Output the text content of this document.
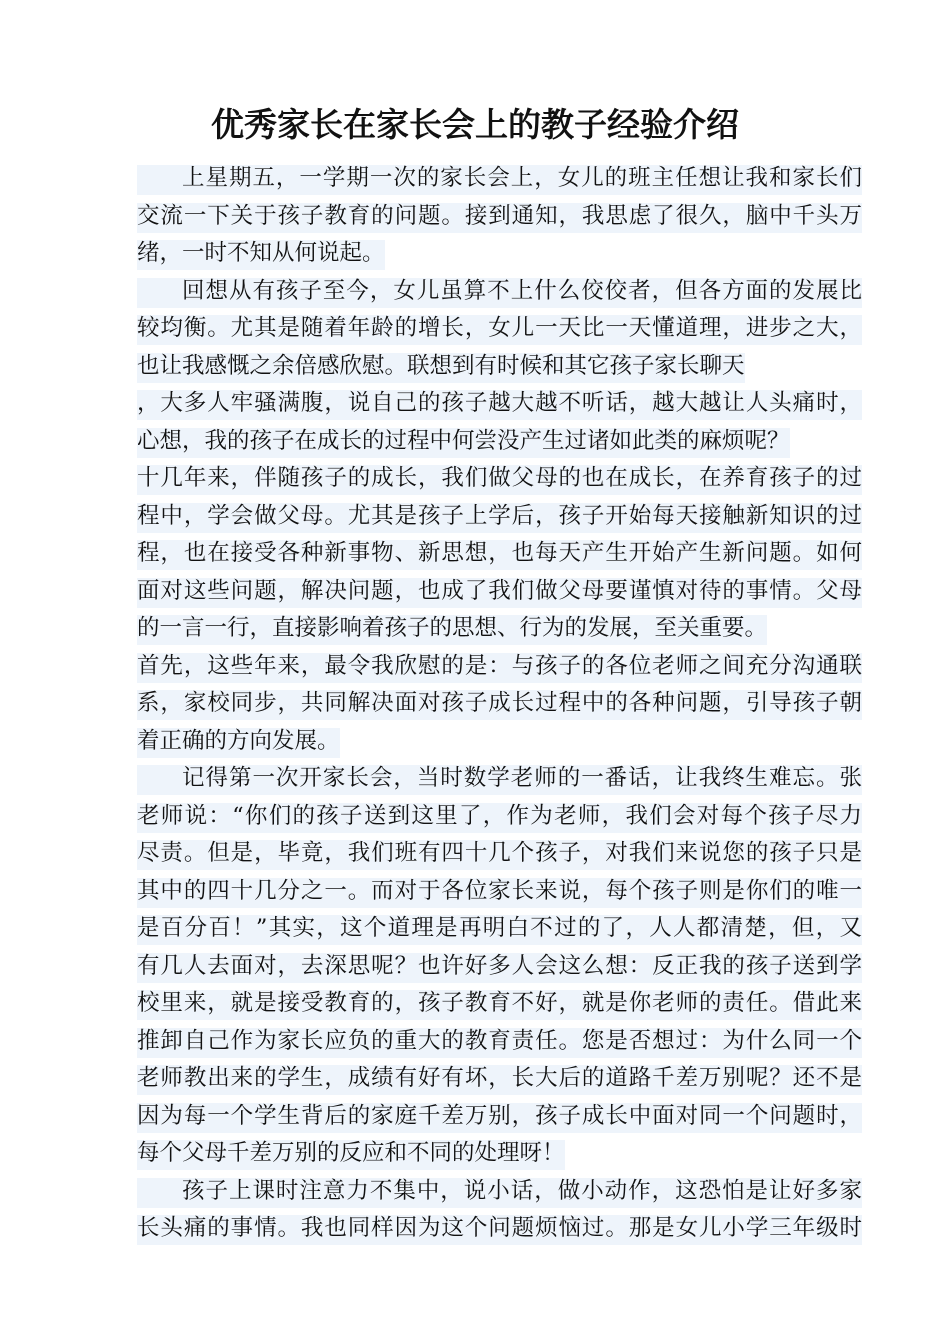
优秀家长在家长会上的教子经验介绍
上星期五，一学期一次的家长会上，女儿的班主任想让我和家长们
交流一下关于孩子教育的问题。接到通知，我思虑了很久，脑中千头万
绪，一时不知从何说起。
回想从有孩子至今，女儿虽算不上什么佼佼者，但各方面的发展比
较均衡。尤其是随着年龄的增长，女儿一天比一天懂道理，进步之大，
也让我感慨之余倍感欣慰。联想到有时候和其它孩子家长聊天
，大多人牢骚满腹，说自己的孩子越大越不听话，越大越让人头痛时，
心想，我的孩子在成长的过程中何尝没产生过诸如此类的麻烦呢？
十几年来，伴随孩子的成长，我们做父母的也在成长，在养育孩子的过
程中，学会做父母。尤其是孩子上学后，孩子开始每天接触新知识的过
程，也在接受各种新事物、新思想，也每天产生开始产生新问题。如何
面对这些问题，解决问题，也成了我们做父母要谨慎对待的事情。父母
的一言一行，直接影响着孩子的思想、行为的发展，至关重要。
首先，这些年来，最令我欣慰的是：与孩子的各位老师之间充分沟通联
系，家校同步，共同解决面对孩子成长过程中的各种问题，引导孩子朝
着正确的方向发展。
记得第一次开家长会，当时数学老师的一番话，让我终生难忘。张
老师说：“你们的孩子送到这里了，作为老师，我们会对每个孩子尽力
尽责。但是，毕竟，我们班有四十几个孩子，对我们来说您的孩子只是
其中的四十几分之一。而对于各位家长来说，每个孩子则是你们的唯一
是百分百！”其实，这个道理是再明白不过的了，人人都清楚，但，又
有几人去面对，去深思呢？也许好多人会这么想：反正我的孩子送到学
校里来，就是接受教育的，孩子教育不好，就是你老师的责任。借此来
推卸自己作为家长应负的重大的教育责任。您是否想过：为什么同一个
老师教出来的学生，成绩有好有坏，长大后的道路千差万别呢？还不是
因为每一个学生背后的家庭千差万别，孩子成长中面对同一个问题时，
每个父母千差万别的反应和不同的处理呀！
孩子上课时注意力不集中，说小话，做小动作，这恐怕是让好多家
长头痛的事情。我也同样因为这个问题烦恼过。那是女儿小学三年级时
